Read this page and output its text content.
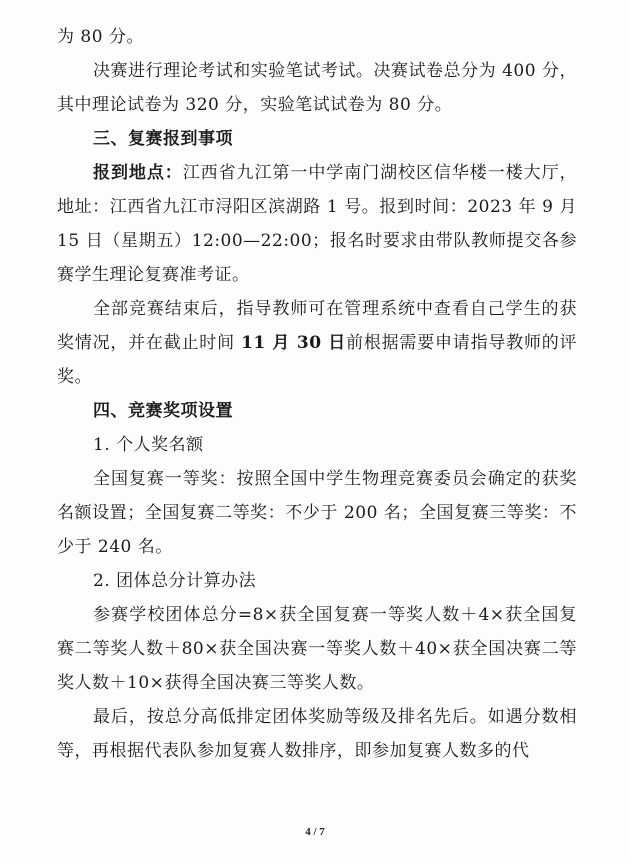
为 80 分。

决赛进行理论考试和实验笔试考试。决赛试卷总分为 400 分，其中理论试卷为 320 分，实验笔试试卷为 80 分。

三、复赛报到事项

报到地点：江西省九江第一中学南门湖校区信华楼一楼大厅，地址：江西省九江市浔阳区滨湖路 1 号。报到时间：2023 年 9 月 15 日（星期五）12:00—22:00；报名时要求由带队教师提交各参赛学生理论复赛准考证。

全部竞赛结束后，指导教师可在管理系统中查看自己学生的获奖情况，并在截止时间 11 月 30 日前根据需要申请指导教师的评奖。

四、竞赛奖项设置

1. 个人奖名额

全国复赛一等奖：按照全国中学生物理竞赛委员会确定的获奖名额设置；全国复赛二等奖：不少于 200 名；全国复赛三等奖：不少于 240 名。

2. 团体总分计算办法

参赛学校团体总分=8×获全国复赛一等奖人数＋4×获全国复赛二等奖人数＋80×获全国决赛一等奖人数＋40×获全国决赛二等奖人数＋10×获得全国决赛三等奖人数。

最后，按总分高低排定团体奖励等级及排名先后。如遇分数相等，再根据代表队参加复赛人数排序，即参加复赛人数多的代

4 / 7
